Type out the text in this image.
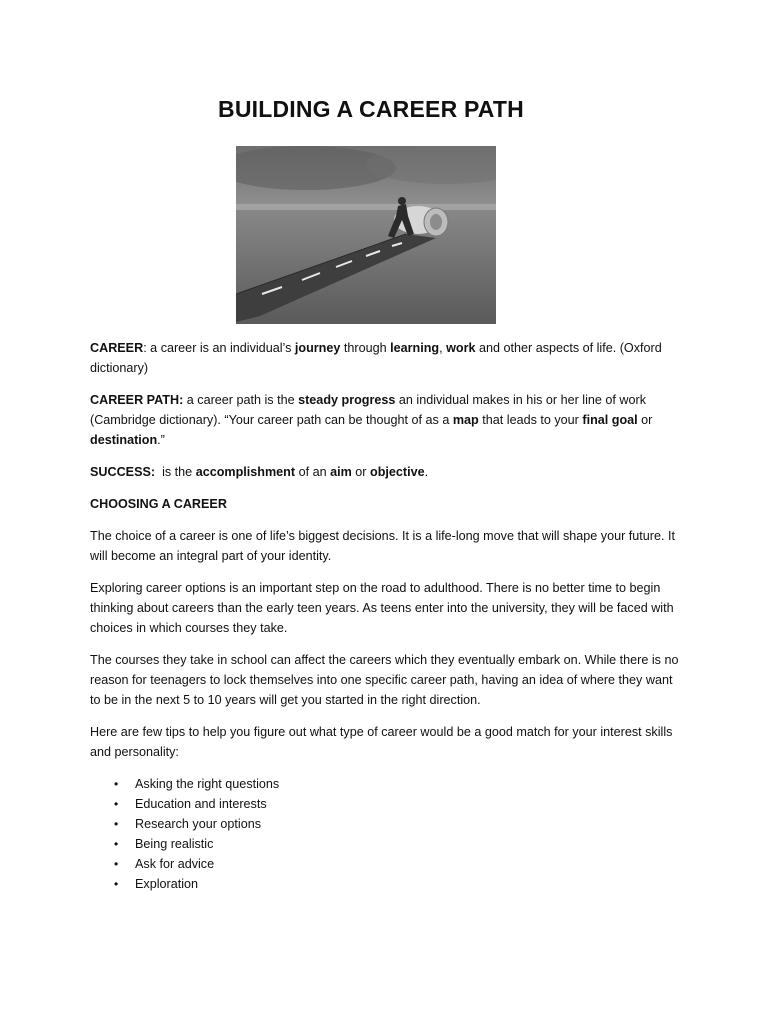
BUILDING A CAREER PATH

CAREER: a career is an individual’s journey through learning, work and other aspects of life. (Oxford dictionary)

CAREER PATH: a career path is the steady progress an individual makes in his or her line of work (Cambridge dictionary). “Your career path can be thought of as a map that leads to your final goal or destination.”

SUCCESS:  is the accomplishment of an aim or objective.

CHOOSING A CAREER

The choice of a career is one of life’s biggest decisions. It is a life-long move that will shape your future. It will become an integral part of your identity.

Exploring career options is an important step on the road to adulthood. There is no better time to begin thinking about careers than the early teen years. As teens enter into the university, they will be faced with choices in which courses they take.

The courses they take in school can affect the careers which they eventually embark on. While there is no reason for teenagers to lock themselves into one specific career path, having an idea of where they want to be in the next 5 to 10 years will get you started in the right direction.

Here are few tips to help you figure out what type of career would be a good match for your interest skills and personality:

• Asking the right questions
• Education and interests
• Research your options
• Being realistic
• Ask for advice
• Exploration
